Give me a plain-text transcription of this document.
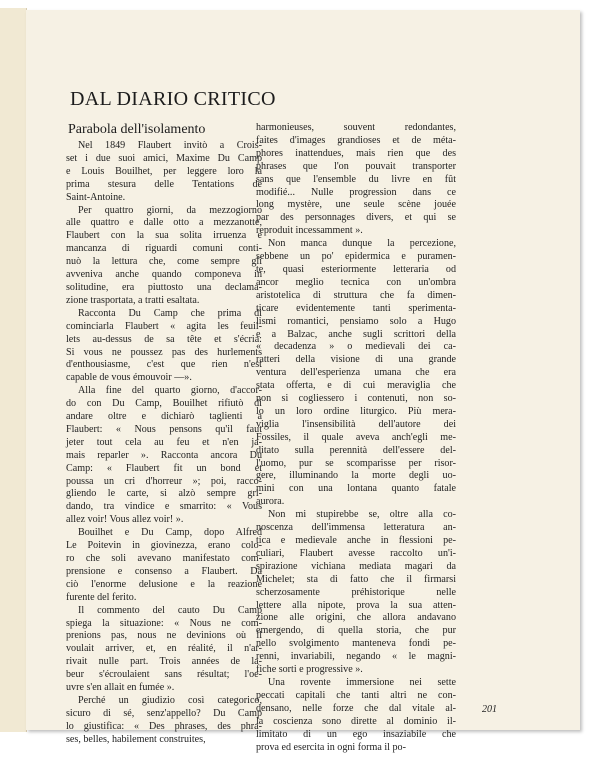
DAL DIARIO CRITICO
Parabola dell'isolamento
Nel 1849 Flaubert invitò a Crois-
set i due suoi amici, Maxime Du Camp
e Louis Bouilhet, per leggere loro la
prima stesura delle Tentations de
Saint-Antoine.
Per quattro giorni, da mezzogiorno
alle quattro e dalle otto a mezzanotte,
Flaubert con la sua solita irruenza e
mancanza di riguardi comuni conti-
nuò la lettura che, come sempre gli
avveniva anche quando componeva in
solitudine, era piuttosto una declama-
zione trasportata, a tratti esaltata.
Racconta Du Camp che prima di
cominciarla Flaubert « agita les feuil-
lets au-dessus de sa tête et s'écria:
Si vous ne poussez pas des hurlements
d'enthousiasme, c'est que rien n'est
capable de vous émouvoir —».
Alla fine del quarto giorno, d'accor-
do con Du Camp, Bouilhet rifiutò di
andare oltre e dichiarò taglienti a
Flaubert: « Nous pensons qu'il faut
jeter tout cela au feu et n'en ja-
mais reparler ». Racconta ancora Du
Camp: « Flaubert fit un bond et
poussa un cri d'horreur »; poi, racco-
gliendo le carte, si alzò sempre gri-
dando, tra vindice e smarrito: « Vous
allez voir! Vous allez voir! ».
Bouilhet e Du Camp, dopo Alfred
Le Poitevin in giovinezza, erano colo-
ro che soli avevano manifestato com-
prensione e consenso a Flaubert. Da
ciò l'enorme delusione e la reazione
furente del ferito.
Il commento del cauto Du Camp
spiega la situazione: « Nous ne com-
prenions pas, nous ne devinions où il
voulait arriver, et, en réalité, il n'ar-
rivait nulle part. Trois années de la-
beur s'écroulaient sans résultat; l'oe-
uvre s'en allait en fumée ».
Perché un giudizio così categorico,
sicuro di sé, senz'appello? Du Camp
lo giustifica: « Des phrases, des phra-
ses, belles, habilement construites,
harmonieuses, souvent redondantes,
faites d'images grandioses et de méta-
phores inattendues, mais rien que des
phrases que l'on pouvait transporter
sans que l'ensemble du livre en fût
modifié... Nulle progression dans ce
long mystère, une seule scène jouée
par des personnages divers, et qui se
reproduit incessamment ».
Non manca dunque la percezione,
sebbene un po' epidermica e puramen-
te, quasi esteriormente letteraria od
ancor meglio tecnica con un'ombra
aristotelica di struttura che fa dimen-
ticare evidentemente tanti sperimenta-
lismi romantici, pensiamo solo a Hugo
e a Balzac, anche sugli scrittori della
« decadenza » o medievali dei ca-
ratteri della visione di una grande
ventura dell'esperienza umana che era
stata offerta, e di cui meraviglia che
non si cogliessero i contenuti, non so-
lo un loro ordine liturgico. Più mera-
viglia l'insensibilità dell'autore dei
Fossiles, il quale aveva anch'egli me-
ditato sulla perennità dell'essere del-
l'uomo, pur se scomparisse per risor-
gere, illuminando la morte degli uo-
mini con una lontana quanto fatale
aurora.
Non mi stupirebbe se, oltre alla co-
noscenza dell'immensa letteratura an-
tica e medievale anche in flessioni pe-
culiari, Flaubert avesse raccolto un'i-
spirazione vichiana mediata magari da
Michelet; sta di fatto che il firmarsi
scherzosamente préhistorique nelle
lettere alla nipote, prova la sua atten-
zione alle origini, che allora andavano
emergendo, di quella storia, che pur
nello svolgimento manteneva fondi pe-
renni, invariabili, negando « le magni-
fiche sorti e progressive ».
Una rovente immersione nei sette
peccati capitali che tanti altri ne con-
densano, nelle forze che dal vitale al-
la coscienza sono dirette al dominio il-
limitato di un ego insaziabile che
prova ed esercita in ogni forma il po-
201
